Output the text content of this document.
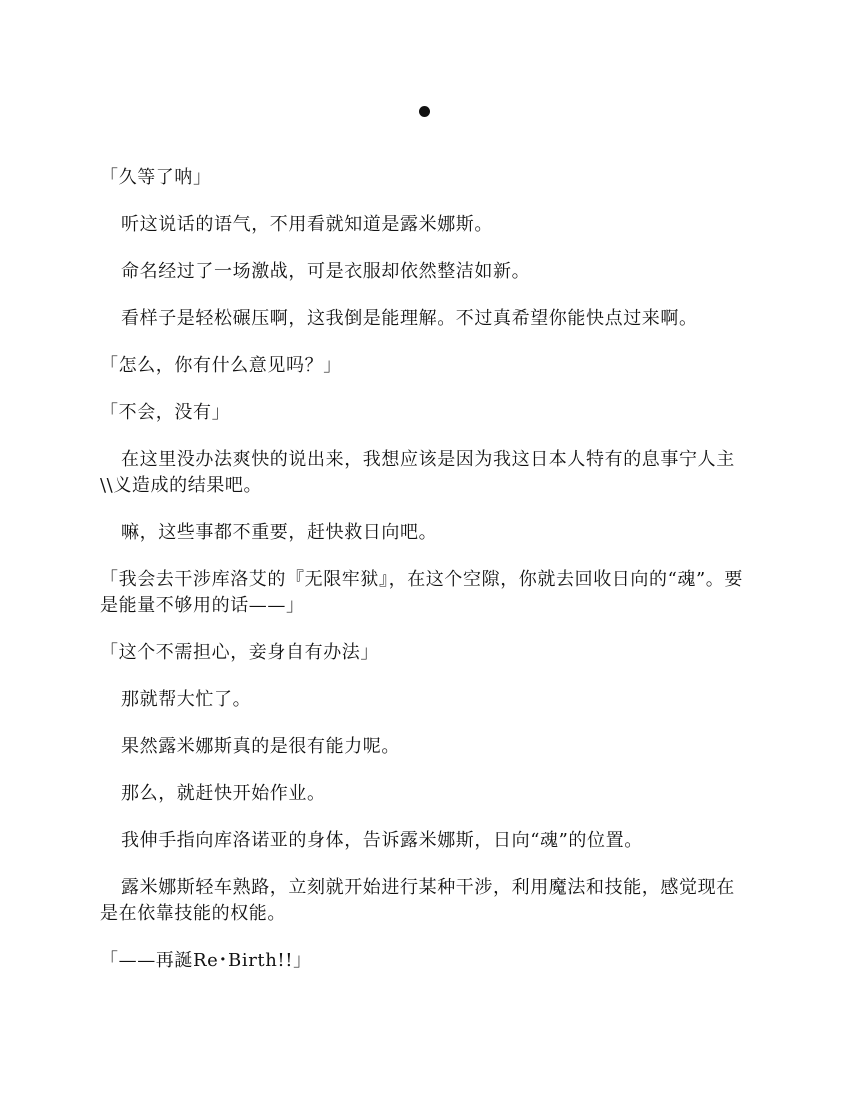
「久等了呐」

听这说话的语气，不用看就知道是露米娜斯。

命名经过了一场激战，可是衣服却依然整洁如新。

看样子是轻松碾压啊，这我倒是能理解。不过真希望你能快点过来啊。

「怎么，你有什么意见吗？」

「不会，没有」

在这里没办法爽快的说出来，我想应该是因为我这日本人特有的息事宁人主\\义造成的结果吧。

嘛，这些事都不重要，赶快救日向吧。

「我会去干涉库洛艾的『无限牢狱』，在这个空隙，你就去回收日向的“魂”。要是能量不够用的话——」

「这个不需担心，妾身自有办法」

那就帮大忙了。

果然露米娜斯真的是很有能力呢。

那么，就赶快开始作业。

我伸手指向库洛诺亚的身体，告诉露米娜斯，日向“魂”的位置。

露米娜斯轻车熟路，立刻就开始进行某种干涉，利用魔法和技能，感觉现在是在依靠技能的权能。

「——再誕Re･Birth!!」
